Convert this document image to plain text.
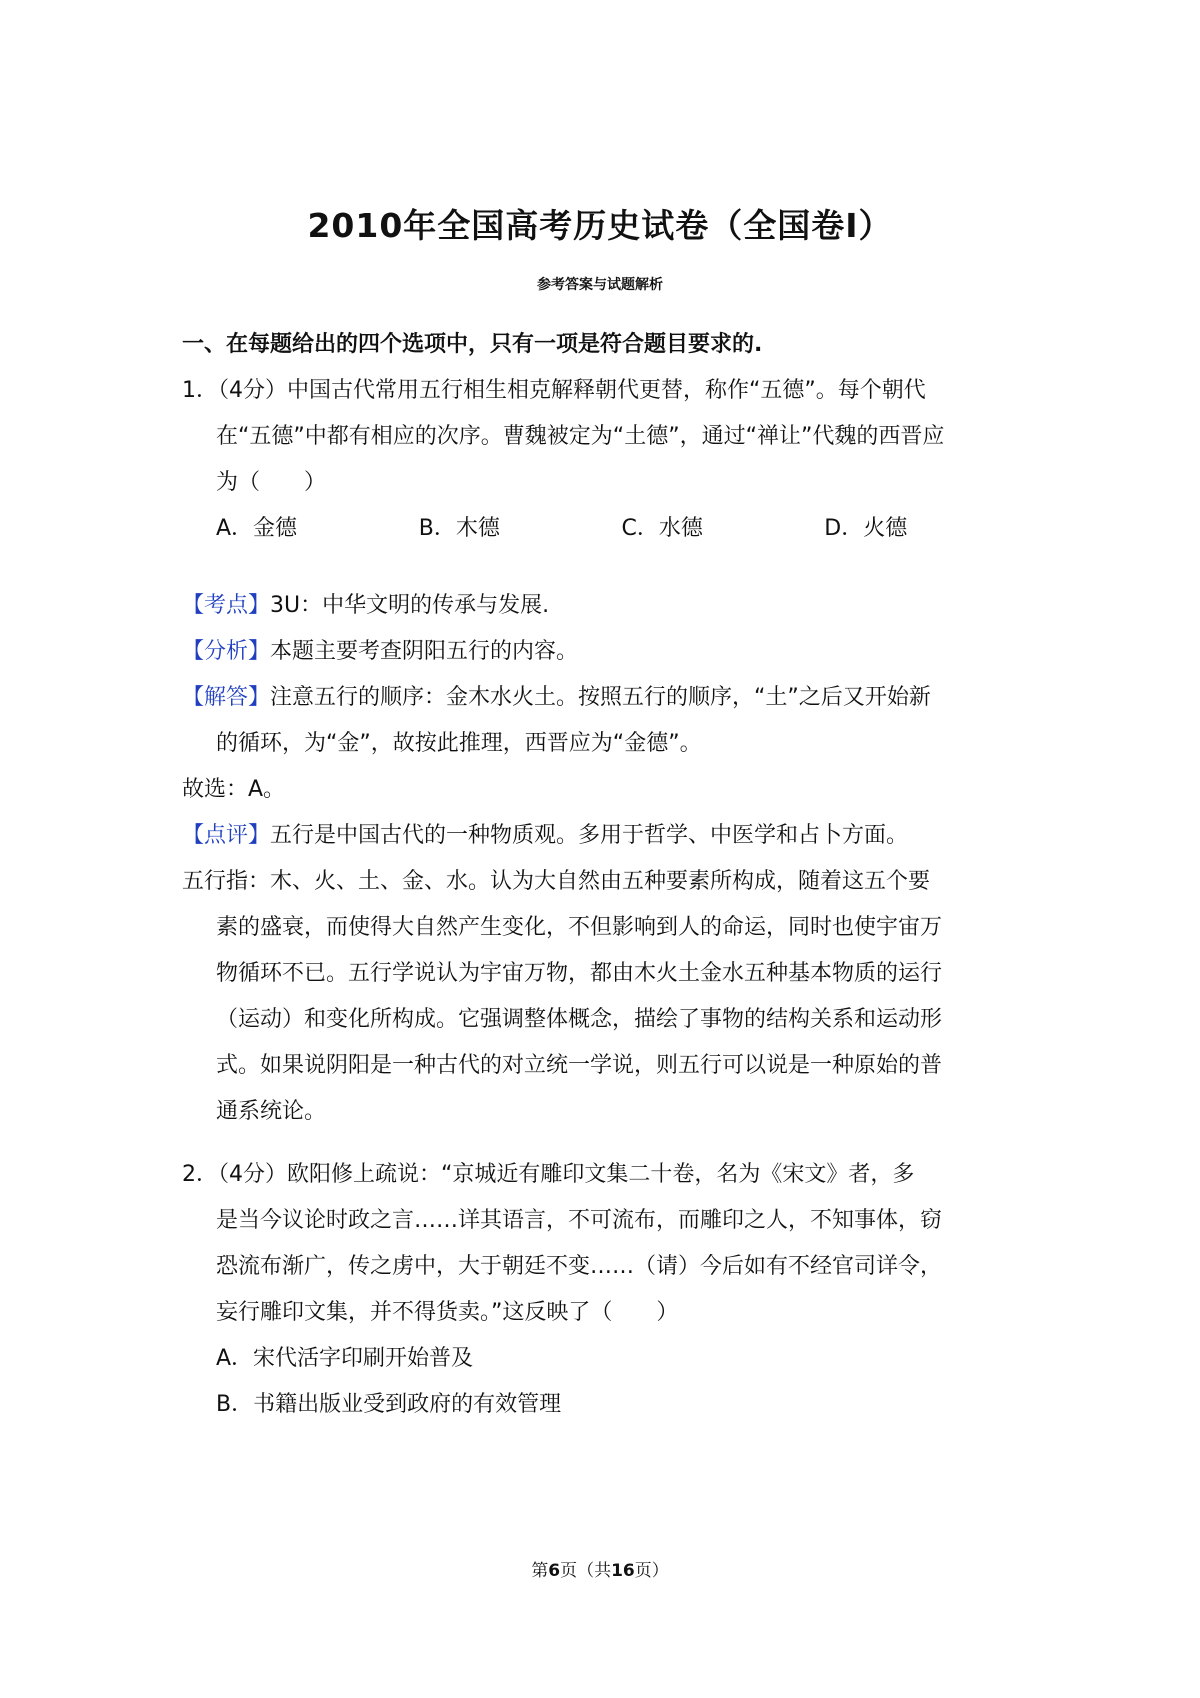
2010年全国高考历史试卷（全国卷Ⅰ）
参考答案与试题解析
一、在每题给出的四个选项中，只有一项是符合题目要求的.
1．（4分）中国古代常用五行相生相克解释朝代更替，称作“五德”。每个朝代
在“五德”中都有相应的次序。曹魏被定为“土德”，通过“禅让”代魏的西晋应
为（　　）
A．金德	B．木德	C．水德	D．火德
【考点】3U：中华文明的传承与发展.
【分析】本题主要考查阴阳五行的内容。
【解答】注意五行的顺序：金木水火土。按照五行的顺序，“土”之后又开始新
的循环，为“金”，故按此推理，西晋应为“金德”。
故选：A。
【点评】五行是中国古代的一种物质观。多用于哲学、中医学和占卜方面。
五行指：木、火、土、金、水。认为大自然由五种要素所构成，随着这五个要
素的盛衰，而使得大自然产生变化，不但影响到人的命运，同时也使宇宙万
物循环不已。五行学说认为宇宙万物，都由木火土金水五种基本物质的运行
（运动）和变化所构成。它强调整体概念，描绘了事物的结构关系和运动形
式。如果说阴阳是一种古代的对立统一学说，则五行可以说是一种原始的普
通系统论。
2．（4分）欧阳修上疏说：“京城近有雕印文集二十卷，名为《宋文》者，多
是当今议论时政之言……详其语言，不可流布，而雕印之人，不知事体，窃
恐流布渐广，传之虏中，大于朝廷不变……（请）今后如有不经官司详令，
妄行雕印文集，并不得货卖。”这反映了（　　）
A．宋代活字印刷开始普及
B．书籍出版业受到政府的有效管理
第6页（共16页）
